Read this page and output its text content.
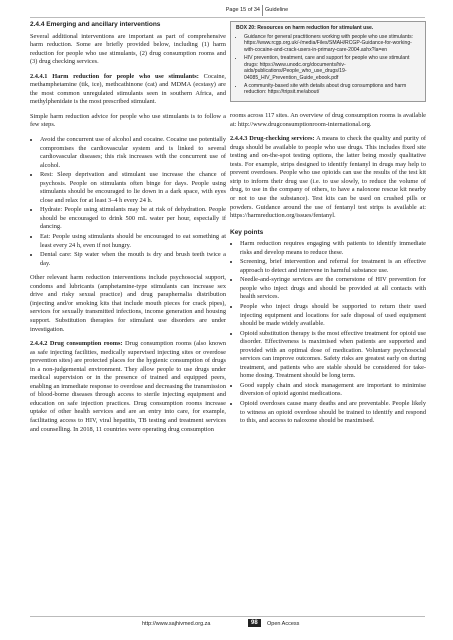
Page 15 of 34 Guideline
2.4.4 Emerging and ancillary interventions

Several additional interventions are important as part of comprehensive harm reduction. Some are briefly provided below, including (1) harm reduction for people who use stimulants, (2) drug consumption rooms and (3) drug checking services.

2.4.4.1 Harm reduction for people who use stimulants: Cocaine, methamphetamine (tik, ice), methcathinone (cat) and MDMA (ecstasy) are the most common unregulated stimulants seen in southern Africa, and methylphenidate is the most prescribed stimulant.

Simple harm reduction advice for people who use stimulants is to follow a few steps.

• Avoid the concurrent use of alcohol and cocaine. Cocaine use potentially compromises the cardiovascular system and is linked to several cardiovascular diseases; this risk increases with the concurrent use of alcohol.
• Rest: Sleep deprivation and stimulant use increase the chance of psychosis. People on stimulants often binge for days. People using stimulants should be encouraged to lie down in a dark space, with eyes close and relax for at least 3–4 h every 24 h.
• Hydrate: People using stimulants may be at risk of dehydration. People should be encouraged to drink 500 mL water per hour, especially if dancing.
• Eat: People using stimulants should be encouraged to eat something at least every 24 h, even if not hungry.
• Dental care: Sip water when the mouth is dry and brush teeth twice a day.

Other relevant harm reduction interventions include psychosocial support, condoms and lubricants (amphetamine-type stimulants can increase sex drive and risky sexual practice) and drug paraphernalia distribution (injecting and/or smoking kits that include mouth pieces for crack pipes), services for sexually transmitted infections, income generation and housing support. Substitution therapies for stimulant use disorders are under investigation.

2.4.4.2 Drug consumption rooms: Drug consumption rooms (also known as safe injecting facilities, medically supervised injecting sites or overdose prevention sites) are protected places for the hygienic consumption of drugs in a non-judgemental environment. They allow people to use drugs under medical supervision or in the presence of trained and equipped peers, enabling an immediate response to overdose and decreasing the transmission of blood-borne diseases through access to sterile injecting equipment and education on safe injection practices. Drug consumption rooms increase uptake of other health services and are an entry into care, for example, facilitating access to HIV, viral hepatitis, TB testing and treatment services and counselling. In 2018, 11 countries were operating drug consumption

BOX 20: Resources on harm reduction for stimulant use.
• Guidance for general practitioners working with people who use stimulants: https://www.rcgp.org.uk/-/media/Files/SMAH/RCGP-Guidance-for-working-with-cocaine-and-crack-users-in-primary-care-2004.ashx?la=en
• HIV prevention, treatment, care and support for people who use stimulant drugs: https://www.unodc.org/documents/hiv-aids/publications/People_who_use_drugs/19-04085_HIV_Prevention_Guide_ebook.pdf
• A community-based site with details about drug consumptions and harm reduction: https://tripsit.me/about/

rooms across 117 sites. An overview of drug consumption rooms is available at: http://www.drugconsumptionroom-international.org.

2.4.4.3 Drug-checking services: A means to check the quality and purity of drugs should be available to people who use drugs. This includes fixed site testing and on-the-spot testing options, the latter being mostly qualitative tests. For example, strips designed to identify fentanyl in drugs may help to prevent overdoses. People who use opioids can use the results of the test kit strip to inform their drug use (i.e. to use slowly, to reduce the volume of drug, to use in the company of others, to have a naloxone rescue kit nearby or not to use the substance). Test kits can be used on crushed pills or powders. Guidance around the use of fentanyl test strips is available at: https://harmreduction.org/issues/fentanyl.

Key points
• Harm reduction requires engaging with patients to identify immediate risks and develop means to reduce these.
• Screening, brief intervention and referral for treatment is an effective approach to detect and intervene in harmful substance use.
• Needle-and-syringe services are the cornerstone of HIV prevention for people who inject drugs and should be provided at all contacts with health services.
• People who inject drugs should be supported to return their used injecting equipment and locations for safe disposal of used equipment should be made widely available.
• Opioid substitution therapy is the most effective treatment for opioid use disorder. Effectiveness is maximised when patients are supported and provided with an optimal dose of medication. Voluntary psychosocial services can improve outcomes. Safety risks are greatest early on during treatment, and patients who are stable should be considered for take-home dosing. Treatment should be long term.
• Good supply chain and stock management are important to minimise diversion of opioid agonist medications.
• Opioid overdoses cause many deaths and are preventable. People likely to witness an opioid overdose should be trained to identify and respond to this, and access to naloxone should be maximised.
http://www.sajhivmed.org.za	98	Open Access
